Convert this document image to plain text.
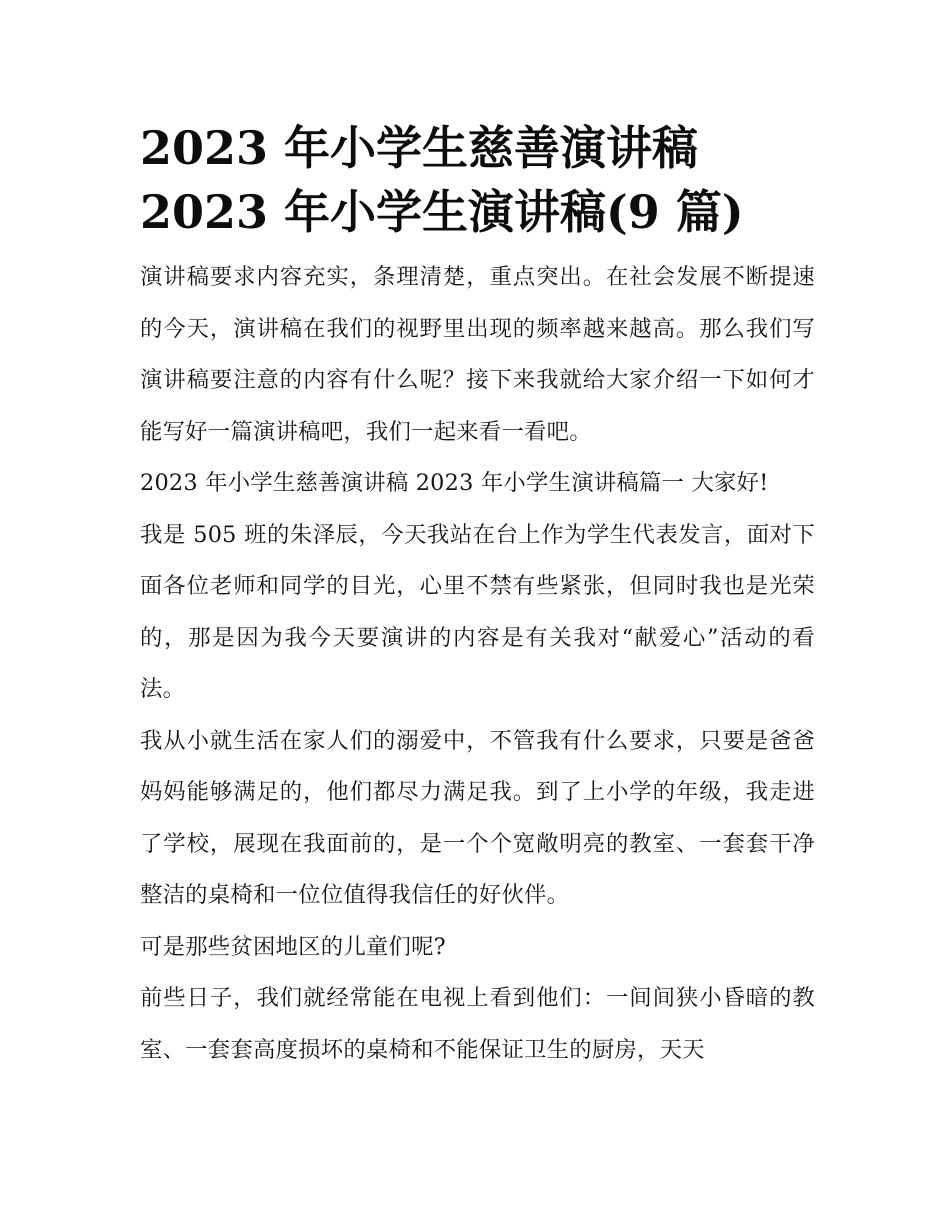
2023 年小学生慈善演讲稿
2023 年小学生演讲稿(9 篇)

演讲稿要求内容充实，条理清楚，重点突出。在社会发展不断提速的今天，演讲稿在我们的视野里出现的频率越来越高。那么我们写演讲稿要注意的内容有什么呢？接下来我就给大家介绍一下如何才能写好一篇演讲稿吧，我们一起来看一看吧。

2023 年小学生慈善演讲稿 2023 年小学生演讲稿篇一 大家好!

我是 505 班的朱泽辰，今天我站在台上作为学生代表发言，面对下面各位老师和同学的目光，心里不禁有些紧张，但同时我也是光荣的，那是因为我今天要演讲的内容是有关我对“献爱心”活动的看法。

我从小就生活在家人们的溺爱中，不管我有什么要求，只要是爸爸妈妈能够满足的，他们都尽力满足我。到了上小学的年级，我走进了学校，展现在我面前的，是一个个宽敞明亮的教室、一套套干净整洁的桌椅和一位位值得我信任的好伙伴。

可是那些贫困地区的儿童们呢?

前些日子，我们就经常能在电视上看到他们：一间间狭小昏暗的教室、一套套高度损坏的桌椅和不能保证卫生的厨房，天天
